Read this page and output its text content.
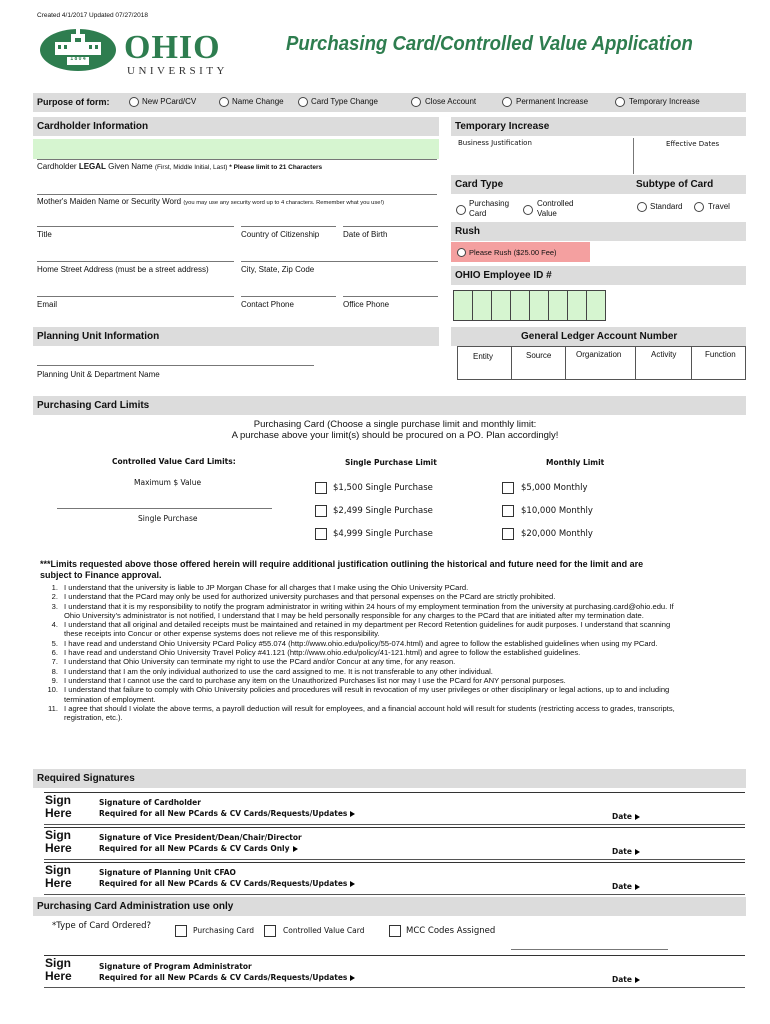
Created 4/1/2017 Updated 07/27/2018
1 8 0 4 OHIO
UNIVERSITY
Purchasing Card/Controlled Value Application
Purpose of form:	New PCard/CV	Name Change	Card Type Change	Close Account	Permanent Increase	Temporary Increase
Cardholder Information
Cardholder LEGAL Given Name (First, Middle Initial, Last) * Please limit to 21 Characters
Mother's Maiden Name or Security Word (you may use any security word up to 4 characters. Remember what you use!)
Title	Country of Citizenship	Date of Birth
Home Street Address (must be a street address)	City, State, Zip Code
Email	Contact Phone	Office Phone
Temporary Increase
Business Justification	Effective Dates
Card Type	Subtype of Card
Purchasing
Card
Controlled
Value
Standard	Travel
Rush
Please Rush ($25.00 Fee)
OHIO Employee ID #
Planning Unit Information
Planning Unit & Department Name
General Ledger Account Number
Entity	Source	Organization	Activity	Function
Purchasing Card Limits
Purchasing Card (Choose a single purchase limit and monthly limit:
A purchase above your limit(s) should be procured on a PO. Plan accordingly!
Controlled Value Card Limits:	Single Purchase Limit	Monthly Limit
Maximum $ Value
Single Purchase
$1,500 Single Purchase
$2,499 Single Purchase
$4,999 Single Purchase
$5,000 Monthly
$10,000 Monthly
$20,000 Monthly
***Limits requested above those offered herein will require additional justification outlining the historical and future need for the limit and are
subject to Finance approval.
1. I understand that the university is liable to JP Morgan Chase for all charges that I make using the Ohio University PCard.
2. I understand that the PCard may only be used for authorized university purchases and that personal expenses on the PCard are strictly prohibited.
3. I understand that it is my responsibility to notify the program administrator in writing within 24 hours of my employment termination from the university at purchasing.card@ohio.edu. If Ohio University’s administrator is not notified, I understand that I may be held personally responsible for any charges to the PCard that are initiated after my termination date.
4. I understand that all original and detailed receipts must be maintained and retained in my department per Record Retention guidelines for audit purposes. I understand that scanning these receipts into Concur or other expense systems does not relieve me of this responsibility.
5. I have read and understand Ohio University PCard Policy #55.074 (http://www.ohio.edu/policy/55-074.html) and agree to follow the established guidelines when using my PCard.
6. I have read and understand Ohio University Travel Policy #41.121 (http://www.ohio.edu/policy/41-121.html) and agree to follow the established guidelines.
7. I understand that Ohio University can terminate my right to use the PCard and/or Concur at any time, for any reason.
8. I understand that I am the only individual authorized to use the card assigned to me. It is not transferable to any other individual.
9. I understand that I cannot use the card to purchase any item on the Unauthorized Purchases list nor may I use the PCard for ANY personal purposes.
10. I understand that failure to comply with Ohio University policies and procedures will result in revocation of my user privileges or other disciplinary or legal actions, up to and including termination of employment.
11. I agree that should I violate the above terms, a payroll deduction will result for employees, and a financial account hold will result for students (restricting access to grades, transcripts, registration, etc.).
Required Signatures
Sign
Here
Signature of Cardholder
Required for all New PCards & CV Cards/Requests/Updates	Date
Sign
Here
Signature of Vice President/Dean/Chair/Director
Required for all New PCards & CV Cards Only	Date
Sign
Here
Signature of Planning Unit CFAO
Required for all New PCards & CV Cards/Requests/Updates	Date
Purchasing Card Administration use only
*Type of Card Ordered?	Purchasing Card	Controlled Value Card	MCC Codes Assigned
Sign
Here
Signature of Program Administrator
Required for all New PCards & CV Cards/Requests/Updates	Date
